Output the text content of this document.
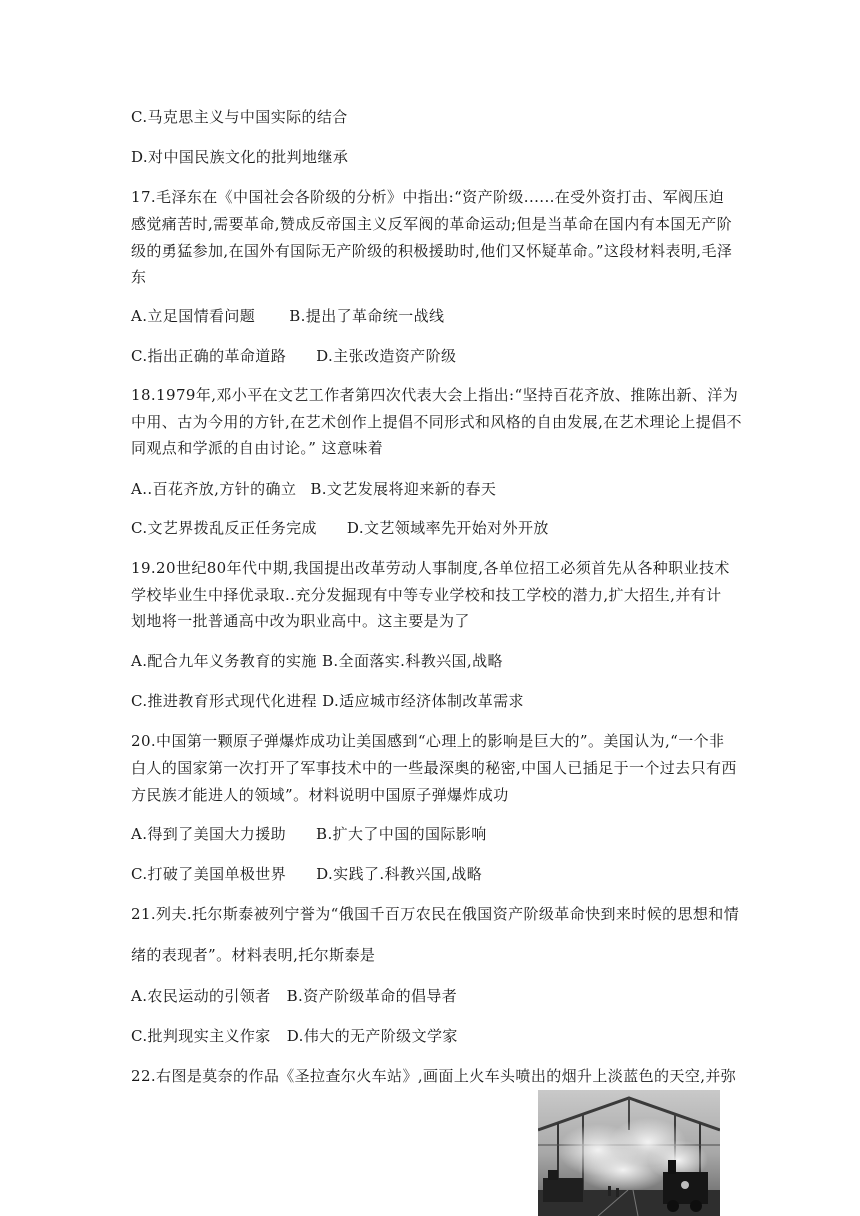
C.马克思主义与中国实际的结合
D.对中国民族文化的批判地继承
17.毛泽东在《中国社会各阶级的分析》中指出:“资产阶级......在受外资打击、军阀压迫
感觉痛苦时,需要革命,赞成反帝国主义反军阀的革命运动;但是当革命在国内有本国无产阶
级的勇猛参加,在国外有国际无产阶级的积极援助时,他们又怀疑革命。”这段材料表明,毛泽
东
A.立足国情看问题 B.提出了革命统一战线
C.指出正确的革命道路 D.主张改造资产阶级
18.1979年,邓小平在文艺工作者第四次代表大会上指出:“坚持百花齐放、推陈出新、洋为
中用、古为今用的方针,在艺术创作上提倡不同形式和风格的自由发展,在艺术理论上提倡不
同观点和学派的自由讨论。” 这意味着
A..百花齐放,方针的确立 B.文艺发展将迎来新的春天
C.文艺界拨乱反正任务完成 D.文艺领域率先开始对外开放
19.20世纪80年代中期,我国提出改革劳动人事制度,各单位招工必须首先从各种职业技术
学校毕业生中择优录取..充分发掘现有中等专业学校和技工学校的潜力,扩大招生,并有计
划地将一批普通高中改为职业高中。这主要是为了
A.配合九年义务教育的实施 B.全面落实.科教兴国,战略
C.推进教育形式现代化进程 D.适应城市经济体制改革需求
20.中国第一颗原子弹爆炸成功让美国感到“心理上的影响是巨大的”。美国认为,“一个非
白人的国家第一次打开了军事技术中的一些最深奥的秘密,中国人已插足于一个过去只有西
方民族才能进人的领域”。材料说明中国原子弹爆炸成功
A.得到了美国大力援助 B.扩大了中国的国际影响
C.打破了美国单极世界 D.实践了.科教兴国,战略
21.列夫.托尔斯泰被列宁誉为“俄国千百万农民在俄国资产阶级革命快到来时候的思想和情
绪的表现者”。材料表明,托尔斯泰是
A.农民运动的引领者 B.资产阶级革命的倡导者
C.批判现实主义作家 D.伟大的无产阶级文学家
22.右图是莫奈的作品《圣拉查尔火车站》,画面上火车头喷出的烟升上淡蓝色的天空,并弥
